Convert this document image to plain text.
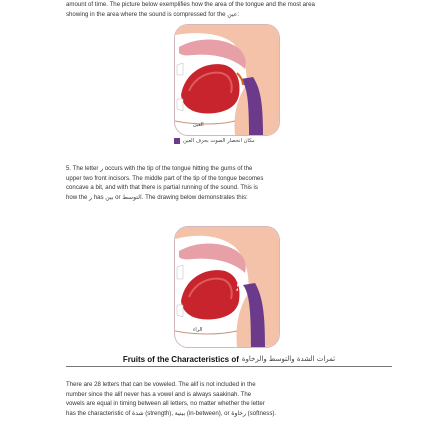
amount of time. The picture below exemplifies how the area of the tongue and the most area

showing in the area where the sound is compressed for the عين:

العين
مكان انحصار الصوت بحرف العين

5. The letter ر occurs with the tip of the tongue hitting the gums of the

upper two front incisors. The middle part of the tip of the tongue becomes

concave a bit, and with that there is partial running of the sound. This is

how the ر has بين or التوسط. The drawing below demonstrates this:

الراء
Fruits of the Characteristics of ثمرات الشدة والتوسط والرخاوة

There are 28 letters that can be voweled. The alif is not included in the

number since the alif never has a vowel and is always saakinah. The

vowels are equal in timing between all letters, no matter whether the letter

has the characteristic of شدة (strength), بينية (in-between), or رخاوة (softness).
